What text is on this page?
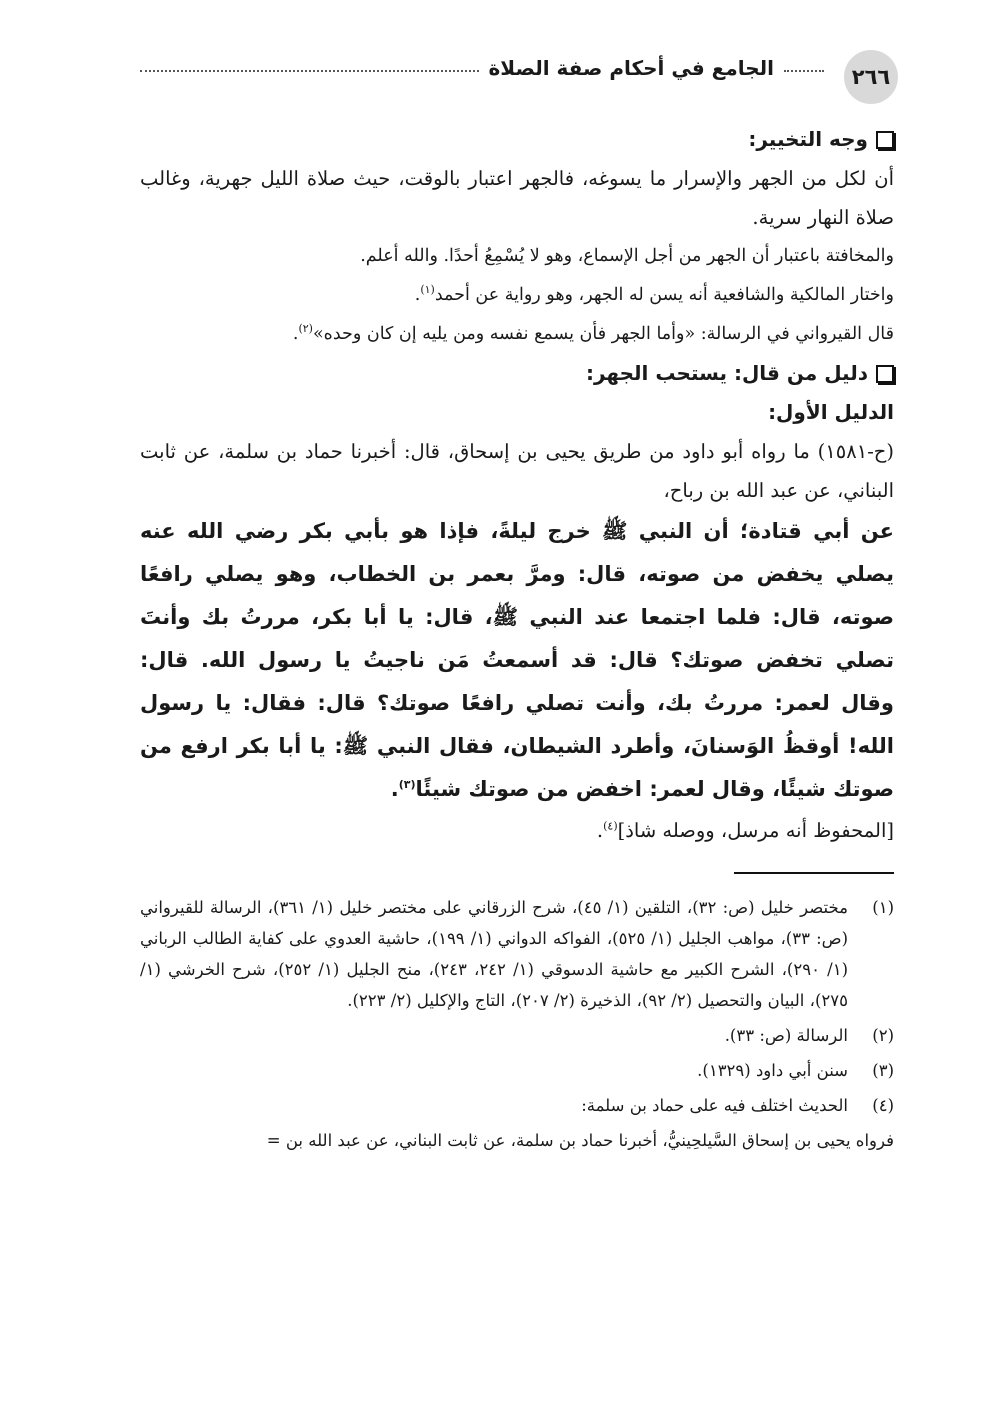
٢٦٦
الجامع في أحكام صفة الصلاة

وجه التخيير:

أن لكل من الجهر والإسرار ما يسوغه، فالجهر اعتبار بالوقت، حيث صلاة الليل جهرية، وغالب صلاة النهار سرية.

والمخافتة باعتبار أن الجهر من أجل الإسماع، وهو لا يُسْمِعُ أحدًا. والله أعلم.

واختار المالكية والشافعية أنه يسن له الجهر، وهو رواية عن أحمد$^{(١)}$.

قال القيرواني في الرسالة: «وأما الجهر فأن يسمع نفسه ومن يليه إن كان وحده»$^{(٢)}$.

دليل من قال: يستحب الجهر:

الدليل الأول:

(ح-١٥٨١) ما رواه أبو داود من طريق يحيى بن إسحاق، قال: أخبرنا حماد بن سلمة، عن ثابت البناني، عن عبد الله بن رباح،

عن أبي قتادة؛ أن النبي ﷺ خرج ليلةً، فإذا هو بأبي بكر رضي الله عنه يصلي يخفض من صوته، قال: ومرَّ بعمر بن الخطاب، وهو يصلي رافعًا صوته، قال: فلما اجتمعا عند النبي ﷺ، قال: يا أبا بكر، مررتُ بك وأنتَ تصلي تخفض صوتك؟ قال: قد أسمعتُ مَن ناجيتُ يا رسول الله. قال: وقال لعمر: مررتُ بك، وأنت تصلي رافعًا صوتك؟ قال: فقال: يا رسول الله! أوقظُ الوَسنانَ، وأطرد الشيطان، فقال النبي ﷺ: يا أبا بكر ارفع من صوتك شيئًا، وقال لعمر: اخفض من صوتك شيئًا$^{(٣)}$.

[المحفوظ أنه مرسل، ووصله شاذ]$^{(٤)}$.

(١)
مختصر خليل (ص: ٣٢)، التلقين (١/ ٤٥)، شرح الزرقاني على مختصر خليل (١/ ٣٦١)، الرسالة للقيرواني (ص: ٣٣)، مواهب الجليل (١/ ٥٢٥)، الفواكه الدواني (١/ ١٩٩)، حاشية العدوي على كفاية الطالب الرباني (١/ ٢٩٠)، الشرح الكبير مع حاشية الدسوقي (١/ ٢٤٢، ٢٤٣)، منح الجليل (١/ ٢٥٢)، شرح الخرشي (١/ ٢٧٥)، البيان والتحصيل (٢/ ٩٢)، الذخيرة (٢/ ٢٠٧)، التاج والإكليل (٢/ ٢٢٣).
(٢)
الرسالة (ص: ٣٣).
(٣)
سنن أبي داود (١٣٢٩).
(٤)
الحديث اختلف فيه على حماد بن سلمة:
فرواه يحيى بن إسحاق السَّيلحِينيُّ، أخبرنا حماد بن سلمة، عن ثابت البناني، عن عبد الله بن =
